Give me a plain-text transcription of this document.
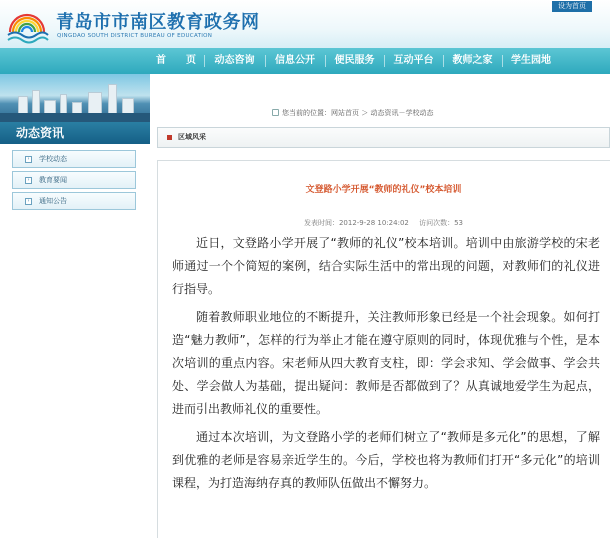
青岛市市南区教育政务网
QINGDAO SOUTH DISTRICT BUREAU OF EDUCATION
设为首页
首　　页	动态咨询	信息公开	便民服务	互动平台	教师之家	学生园地
动态资讯
›	学校动态
›	教育要闻
›	通知公告
您当前的位置：网站首页 ＞ 动态资讯－学校动态
区域风采
文登路小学开展“教师的礼仪”校本培训
发表时间：2012-9-28 10:24:02 访问次数：53

近日，文登路小学开展了“教师的礼仪”校本培训。培训中由旅游学校的宋老师通过一个个简短的案例，结合实际生活中的常出现的问题，对教师们的礼仪进行指导。

随着教师职业地位的不断提升，关注教师形象已经是一个社会现象。如何打造“魅力教师”，怎样的行为举止才能在遵守原则的同时，体现优雅与个性，是本次培训的重点内容。宋老师从四大教育支柱，即：学会求知、学会做事、学会共处、学会做人为基础，提出疑问：教师是否都做到了？从真诚地爱学生为起点，进而引出教师礼仪的重要性。

通过本次培训，为文登路小学的老师们树立了“教师是多元化”的思想，了解到优雅的老师是容易亲近学生的。今后，学校也将为教师们打开“多元化”的培训课程，为打造海纳存真的教师队伍做出不懈努力。
